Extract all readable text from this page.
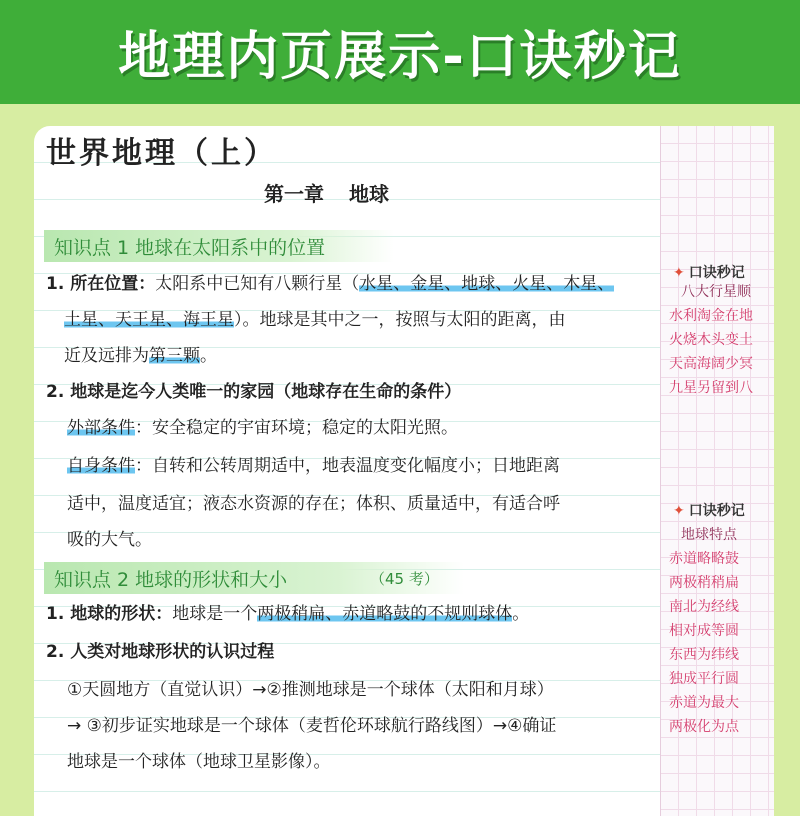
地理内页展示-口诀秒记
✦ 口诀秒记
八大行星顺
水利淘金在地
火烧木头变土
天高海阔少冥
九星另留到八
✦ 口诀秒记
地球特点
赤道略略鼓
两极稍稍扁
南北为经线
相对成等圆
东西为纬线
独成平行圆
赤道为最大
两极化为点
世界地理（上）
第一章 地球
知识点 1 地球在太阳系中的位置
1. 所在位置：太阳系中已知有八颗行星（水星、金星、地球、火星、木星、
土星、天王星、海王星）。地球是其中之一，按照与太阳的距离，由
近及远排为第三颗。
2. 地球是迄今人类唯一的家园（地球存在生命的条件）
外部条件：安全稳定的宇宙环境；稳定的太阳光照。
自身条件：自转和公转周期适中，地表温度变化幅度小；日地距离
适中，温度适宜；液态水资源的存在；体积、质量适中，有适合呼
吸的大气。
知识点 2 地球的形状和大小	（45 考）
1. 地球的形状：地球是一个两极稍扁、赤道略鼓的不规则球体。
2. 人类对地球形状的认识过程
①天圆地方（直觉认识）→②推测地球是一个球体（太阳和月球）
→ ③初步证实地球是一个球体（麦哲伦环球航行路线图）→④确证
地球是一个球体（地球卫星影像）。
